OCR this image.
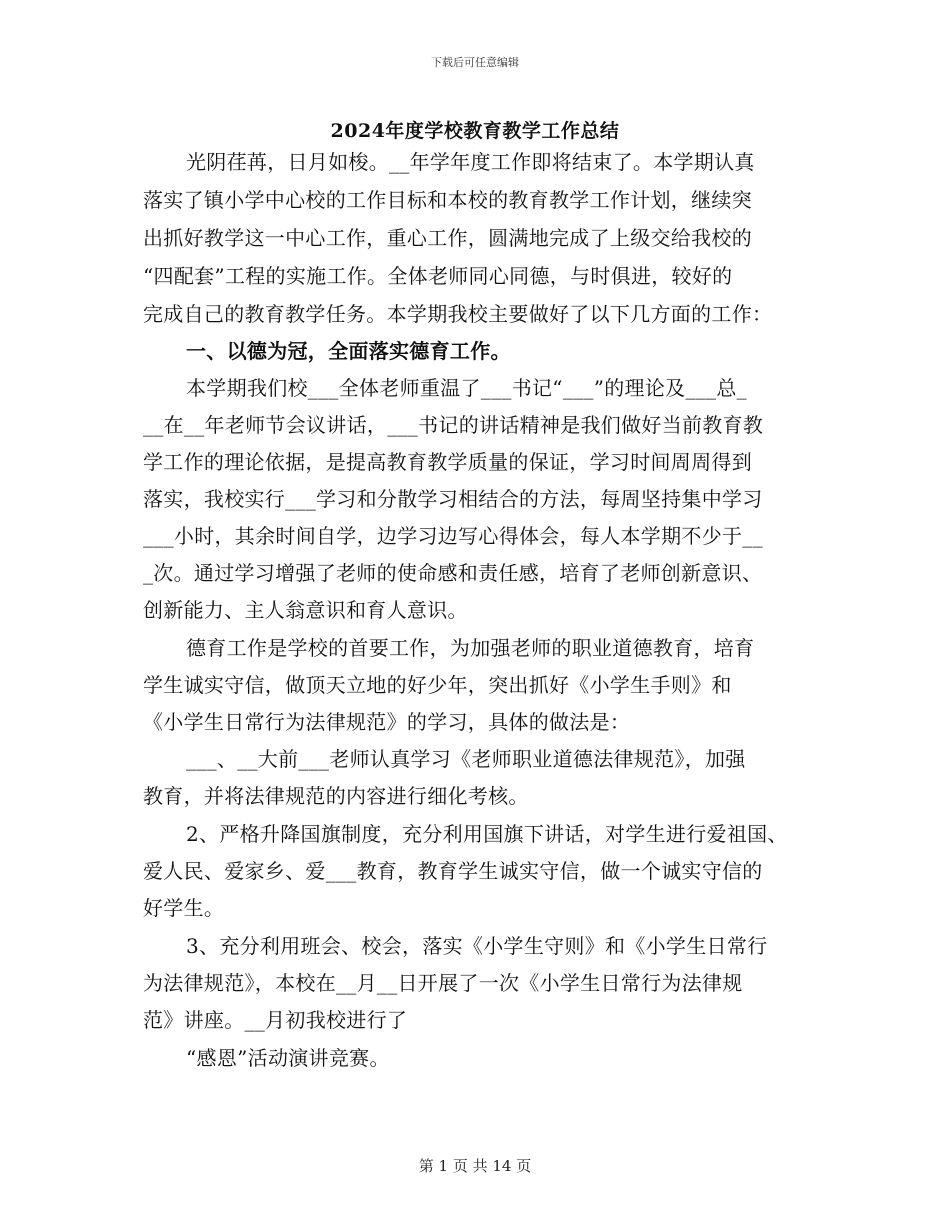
下载后可任意编辑
2024年度学校教育教学工作总结
光阴荏苒，日月如梭。__年学年度工作即将结束了。本学期认真
落实了镇小学中心校的工作目标和本校的教育教学工作计划，继续突
出抓好教学这一中心工作，重心工作，圆满地完成了上级交给我校的
“四配套”工程的实施工作。全体老师同心同德，与时俱进，较好的
完成自己的教育教学任务。本学期我校主要做好了以下几方面的工作：
一、以德为冠，全面落实德育工作。
本学期我们校___全体老师重温了___书记“___”的理论及___总_
__在__年老师节会议讲话，___书记的讲话精神是我们做好当前教育教
学工作的理论依据，是提高教育教学质量的保证，学习时间周周得到
落实，我校实行___学习和分散学习相结合的方法，每周坚持集中学习
___小时，其余时间自学，边学习边写心得体会，每人本学期不少于__
_次。通过学习增强了老师的使命感和责任感，培育了老师创新意识、
创新能力、主人翁意识和育人意识。
德育工作是学校的首要工作，为加强老师的职业道德教育，培育
学生诚实守信，做顶天立地的好少年，突出抓好《小学生手则》和
《小学生日常行为法律规范》的学习，具体的做法是：
___、__大前___老师认真学习《老师职业道德法律规范》，加强
教育，并将法律规范的内容进行细化考核。
2、严格升降国旗制度，充分利用国旗下讲话，对学生进行爱祖国、
爱人民、爱家乡、爱___教育，教育学生诚实守信，做一个诚实守信的
好学生。
3、充分利用班会、校会，落实《小学生守则》和《小学生日常行
为法律规范》，本校在__月__日开展了一次《小学生日常行为法律规
范》讲座。__月初我校进行了
“感恩”活动演讲竞赛。
第 1 页 共 14 页
